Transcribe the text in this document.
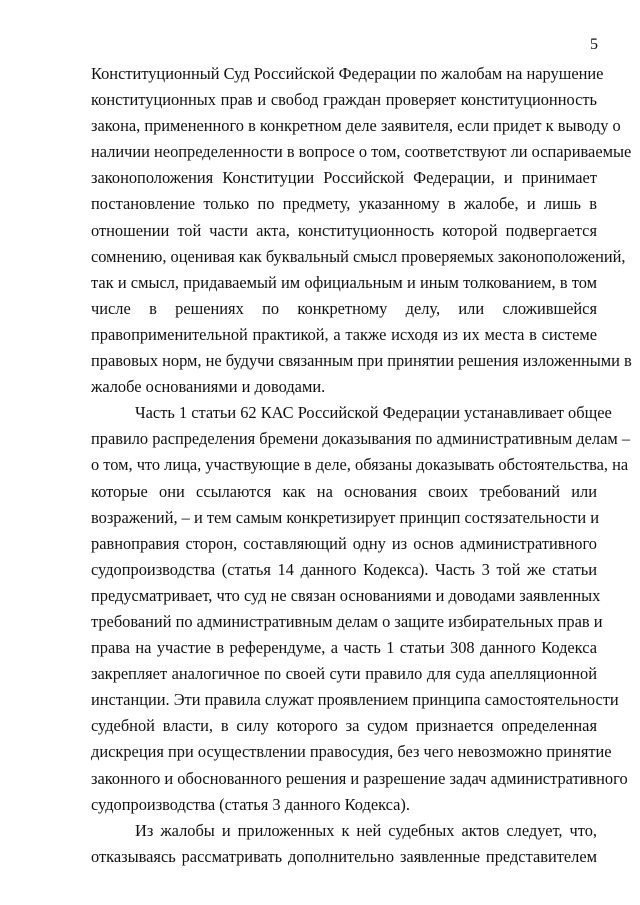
5
Конституционный Суд Российской Федерации по жалобам на нарушение
конституционных прав и свобод граждан проверяет конституционность
закона, примененного в конкретном деле заявителя, если придет к выводу о
наличии неопределенности в вопросе о том, соответствуют ли оспариваемые
законоположения Конституции Российской Федерации, и принимает
постановление только по предмету, указанному в жалобе, и лишь в
отношении той части акта, конституционность которой подвергается
сомнению, оценивая как буквальный смысл проверяемых законоположений,
так и смысл, придаваемый им официальным и иным толкованием, в том
числе в решениях по конкретному делу, или сложившейся
правоприменительной практикой, а также исходя из их места в системе
правовых норм, не будучи связанным при принятии решения изложенными в
жалобе основаниями и доводами.
Часть 1 статьи 62 КАС Российской Федерации устанавливает общее
правило распределения бремени доказывания по административным делам –
о том, что лица, участвующие в деле, обязаны доказывать обстоятельства, на
которые они ссылаются как на основания своих требований или
возражений, – и тем самым конкретизирует принцип состязательности и
равноправия сторон, составляющий одну из основ административного
судопроизводства (статья 14 данного Кодекса). Часть 3 той же статьи
предусматривает, что суд не связан основаниями и доводами заявленных
требований по административным делам о защите избирательных прав и
права на участие в референдуме, а часть 1 статьи 308 данного Кодекса
закрепляет аналогичное по своей сути правило для суда апелляционной
инстанции. Эти правила служат проявлением принципа самостоятельности
судебной власти, в силу которого за судом признается определенная
дискреция при осуществлении правосудия, без чего невозможно принятие
законного и обоснованного решения и разрешение задач административного
судопроизводства (статья 3 данного Кодекса).
Из жалобы и приложенных к ней судебных актов следует, что,
отказываясь рассматривать дополнительно заявленные представителем
